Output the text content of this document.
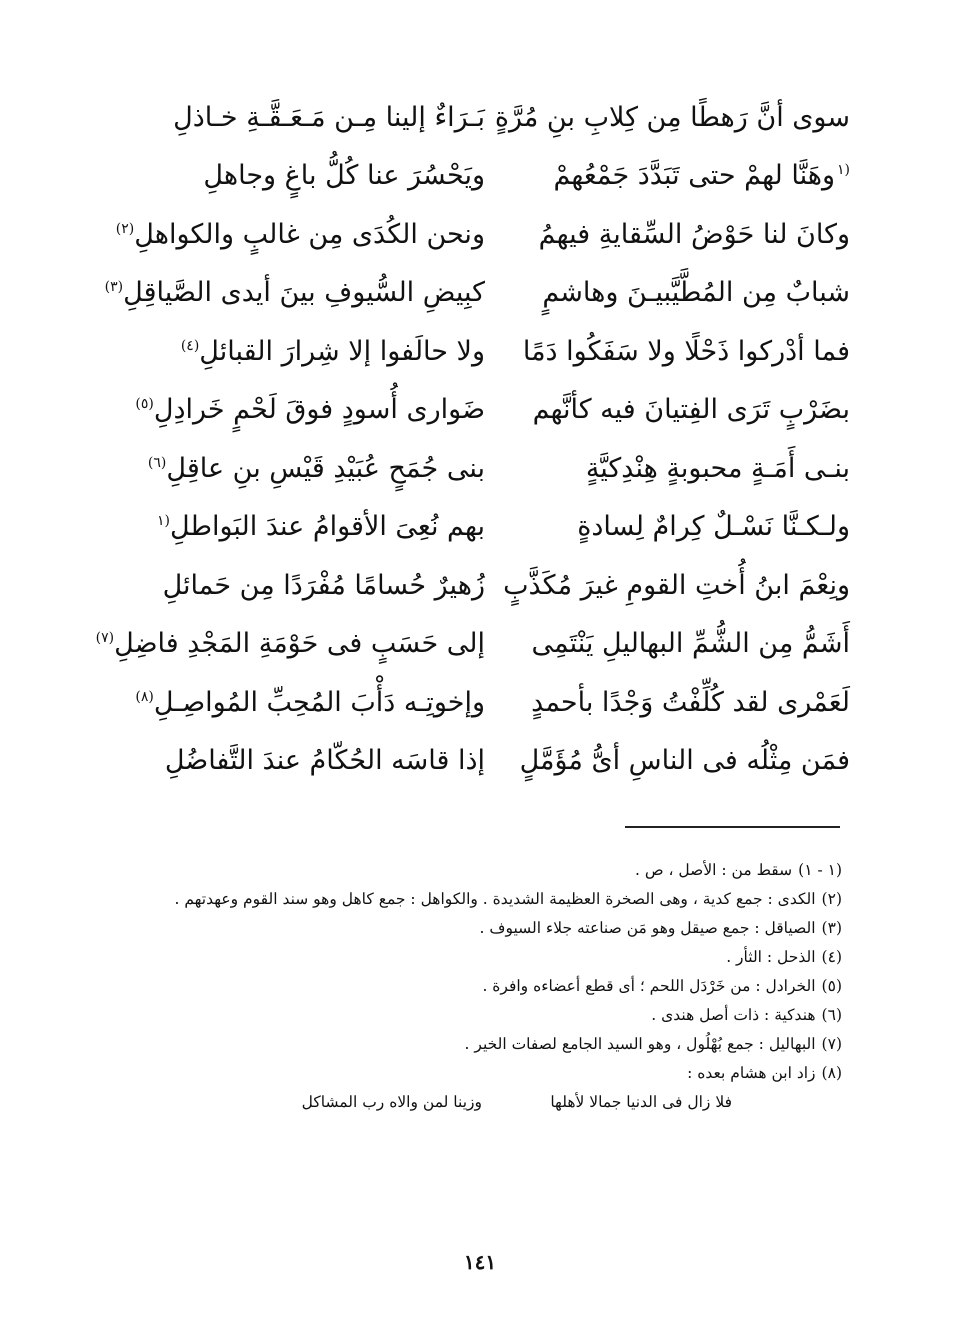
سوى أنَّ رَهطًا مِن كِلابِ بنِ مُرَّةٍ
بَـرَاءٌ إلينا مِـن مَـعَـقَّـةِ خـاذلِ
$^{(١}$وهَنَّا لهمْ حتى تَبَدَّدَ جَمْعُهمْ
ويَحْسُرَ عنا كُلُّ باغٍ وجاهلِ
وكانَ لنا حَوْضُ السِّقايةِ فيهمُ
ونحن الكُدَى مِن غالبٍ والكواهلِ$^{(٢)}$
شبابٌ مِن المُطَّيَّبيـنَ وهاشمٍ
كبِيضِ السُّيوفِ بينَ أيدى الصَّياقِلِ$^{(٣)}$
فما أدْركوا ذَحْلًا ولا سَفَكُوا دَمًا
ولا حالَفوا إلا شِرارَ القبائلِ$^{(٤)}$
بضَرْبٍ تَرَى الفِتيانَ فيه كأنَّهم
ضَوارى أُسودٍ فوقَ لَحْمٍ خَرادِلِ$^{(٥)}$
بنـى أَمَـةٍ محبوبةٍ هِنْدِكيَّةٍ
بنى جُمَحٍ عُبَيْدِ قَيْسِ بنِ عاقِلِ$^{(٦)}$
ولـكـنَّا نَسْـلٌ كِرامٌ لِسادةٍ
بهم نُعِىَ الأقوامُ عندَ البَواطلِ$^{(١}$
ونِعْمَ ابنُ أُختِ القومِ غيرَ مُكَذَّبٍ
زُهيرٌ حُسامًا مُفْرَدًا مِن حَمائلِ
أَشَمُّ مِن الشُّمِّ البهاليلِ يَنْتَمِى
إلى حَسَبٍ فى حَوْمَةِ المَجْدِ فاضِلِ$^{(٧)}$
لَعَمْرى لقد كُلِّفْتُ وَجْدًا بأحمدٍ
وإخوتِـه دَأْبَ المُحِبِّ المُواصِـلِ$^{(٨)}$
فمَن مِثْلُه فى الناسِ أىُّ مُؤَمَّلٍ
إذا قاسَه الحُكّامُ عندَ التَّفاضُلِ
(١ - ١)سقط من : الأصل ، ص .
(٢)الكدى : جمع كدية ، وهى الصخرة العظيمة الشديدة . والكواهل : جمع كاهل وهو سند القوم وعهدتهم .
(٣)الصياقل : جمع صيقل وهو مَن صناعته جلاء السيوف .
(٤)الذحل : الثأر .
(٥)الخرادل : من خَرْدَل اللحم ؛ أى قطع أعضاءه وافرة .
(٦)هندكية : ذات أصل هندى .
(٧)البهاليل : جمع بُهْلُول ، وهو السيد الجامع لصفات الخير .
(٨)زاد ابن هشام بعده :
فلا زال فى الدنيا جمالا لأهلها
وزينا لمن والاه رب المشاكل
١٤١
